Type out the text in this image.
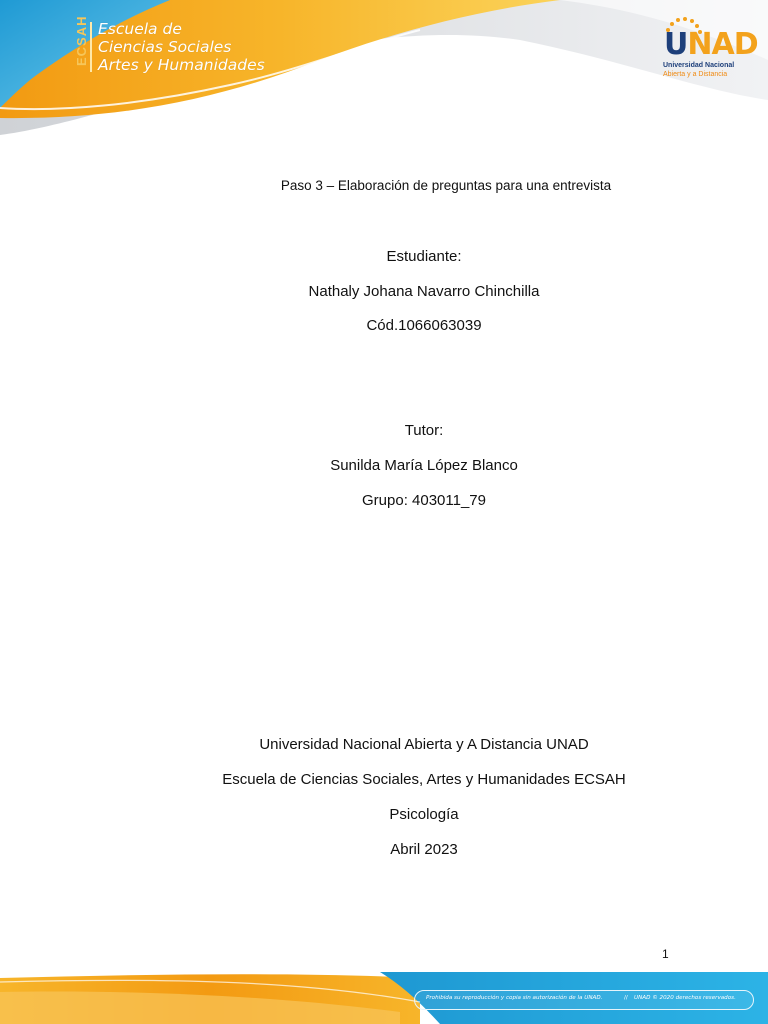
ECSAH Escuela de
Ciencias Sociales
Artes y Humanidades
UNAD
Universidad Nacional
Abierta y a Distancia
Paso 3 – Elaboración de preguntas para una entrevista
Estudiante:
Nathaly Johana Navarro Chinchilla
Cód.1066063039
Tutor:
Sunilda María López Blanco
Grupo: 403011_79
Universidad Nacional Abierta y A Distancia UNAD
Escuela de Ciencias Sociales, Artes y Humanidades ECSAH
Psicología
Abril 2023
1
Prohibida su reproducción y copia sin autorización de la UNAD.	// UNAD © 2020 derechos reservados.
